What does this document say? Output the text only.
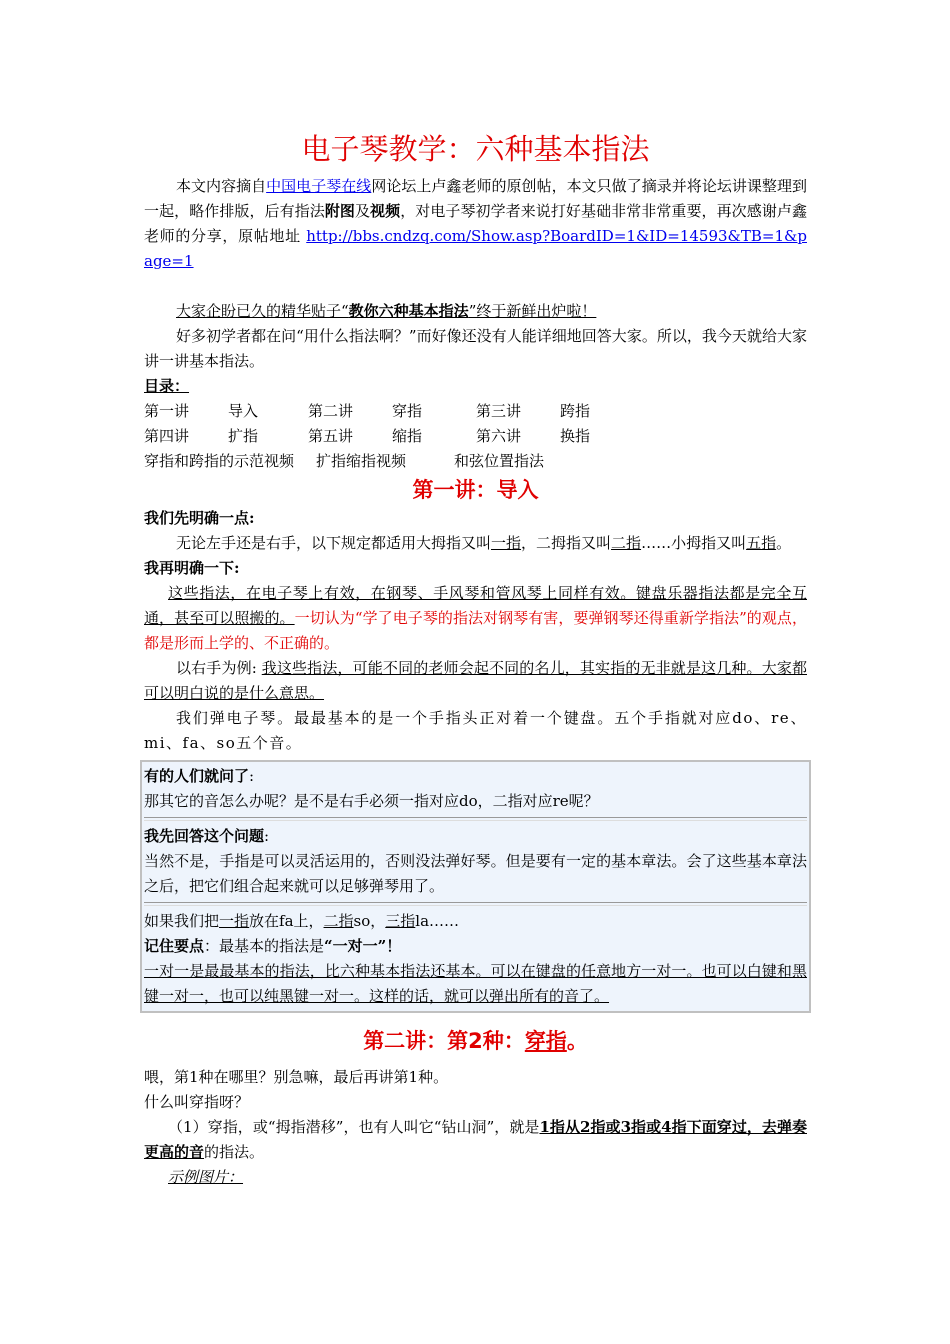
电子琴教学：六种基本指法

本文内容摘自中国电子琴在线网论坛上卢鑫老师的原创帖，本文只做了摘录并将论坛讲课整理到一起，略作排版，后有指法附图及视频，对电子琴初学者来说打好基础非常非常重要，再次感谢卢鑫老师的分享，原帖地址 http://bbs.cndzq.com/Show.asp?BoardID=1&ID=14593&TB=1&page=1

大家企盼已久的精华贴子“教你六种基本指法”终于新鲜出炉啦！

好多初学者都在问“用什么指法啊？”而好像还没有人能详细地回答大家。所以，我今天就给大家讲一讲基本指法。

目录：

第一讲	导入	第二讲	穿指	第三讲	跨指
第四讲	扩指	第五讲	缩指	第六讲	换指
穿指和跨指的示范视频	扩指缩指视频	和弦位置指法
第一讲：导入

我们先明确一点:

无论左手还是右手，以下规定都适用大拇指又叫一指，二拇指又叫二指……小拇指又叫五指。

我再明确一下:

这些指法，在电子琴上有效，在钢琴、手风琴和管风琴上同样有效。键盘乐器指法都是完全互通，甚至可以照搬的。一切认为“学了电子琴的指法对钢琴有害，要弹钢琴还得重新学指法”的观点，都是形而上学的、不正确的。

以右手为例: 我这些指法，可能不同的老师会起不同的名儿，其实指的无非就是这几种。大家都可以明白说的是什么意思。

我们弹电子琴。最最基本的是一个手指头正对着一个键盘。五个手指就对应do、re、mi、fa、so五个音。

有的人们就问了:

那其它的音怎么办呢？是不是右手必须一指对应do，二指对应re呢？

我先回答这个问题:

当然不是，手指是可以灵活运用的，否则没法弹好琴。但是要有一定的基本章法。会了这些基本章法之后，把它们组合起来就可以足够弹琴用了。

如果我们把一指放在fa上，二指so，三指la……

记住要点：最基本的指法是“一对一”！

一对一是最最基本的指法，比六种基本指法还基本。可以在键盘的任意地方一对一。也可以白键和黑键一对一，也可以纯黑键一对一。这样的话，就可以弹出所有的音了。

第二讲：第2种：穿指。

喂，第1种在哪里？别急嘛，最后再讲第1种。

什么叫穿指呀？

（1）穿指，或“拇指潜移”，也有人叫它“钻山洞”，就是1指从2指或3指或4指下面穿过，去弹奏更高的音的指法。

示例图片：
